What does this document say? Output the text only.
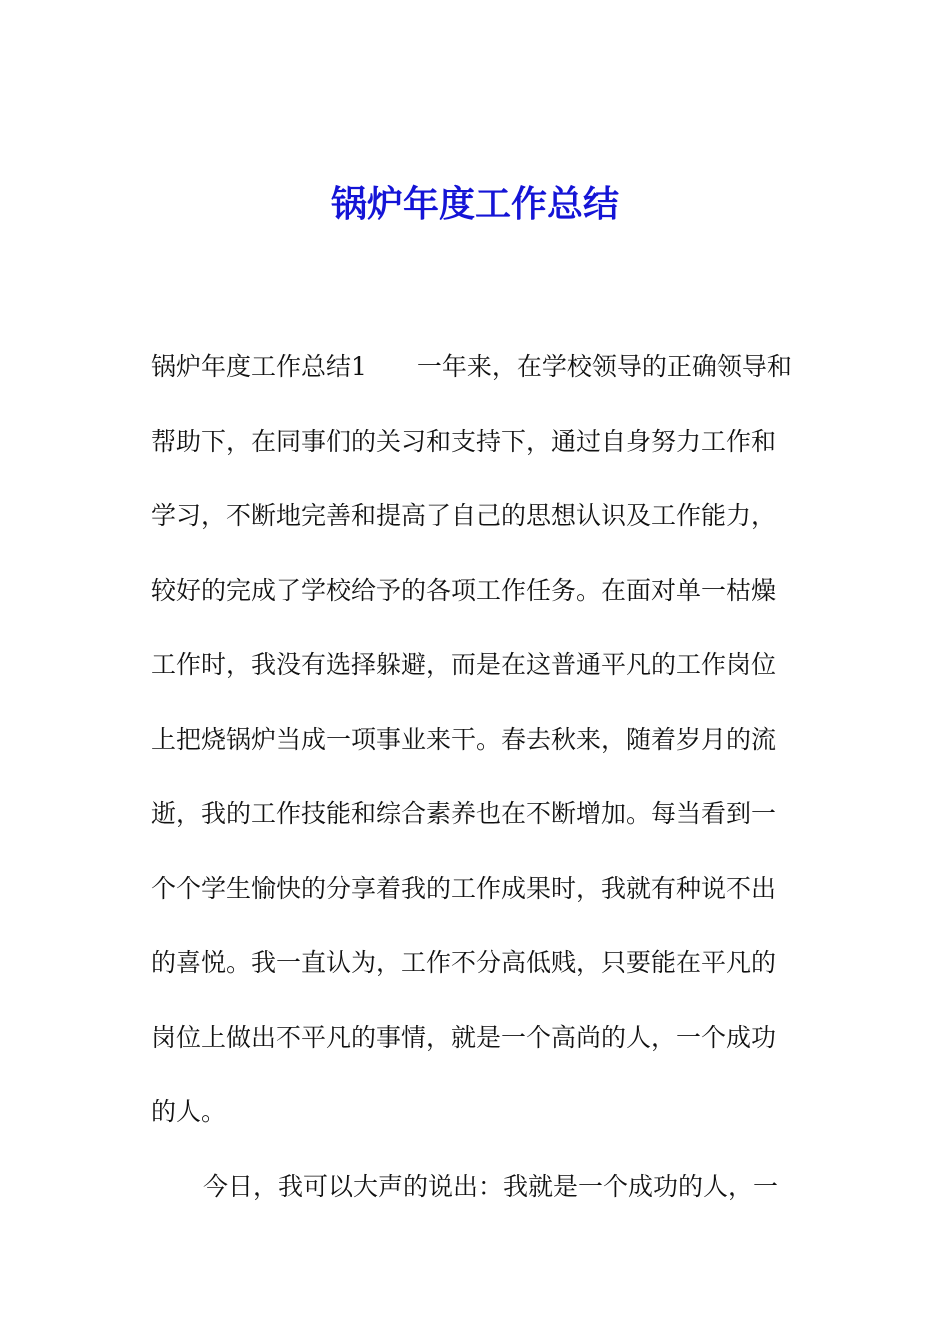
锅炉年度工作总结
锅炉年度工作总结1　　一年来，在学校领导的正确领导和
帮助下，在同事们的关习和支持下，通过自身努力工作和
学习，不断地完善和提高了自己的思想认识及工作能力，
较好的完成了学校给予的各项工作任务。在面对单一枯燥
工作时，我没有选择躲避，而是在这普通平凡的工作岗位
上把烧锅炉当成一项事业来干。春去秋来，随着岁月的流
逝，我的工作技能和综合素养也在不断增加。每当看到一
个个学生愉快的分享着我的工作成果时，我就有种说不出
的喜悦。我一直认为，工作不分高低贱，只要能在平凡的
岗位上做出不平凡的事情，就是一个高尚的人，一个成功
的人。
今日，我可以大声的说出：我就是一个成功的人，一
